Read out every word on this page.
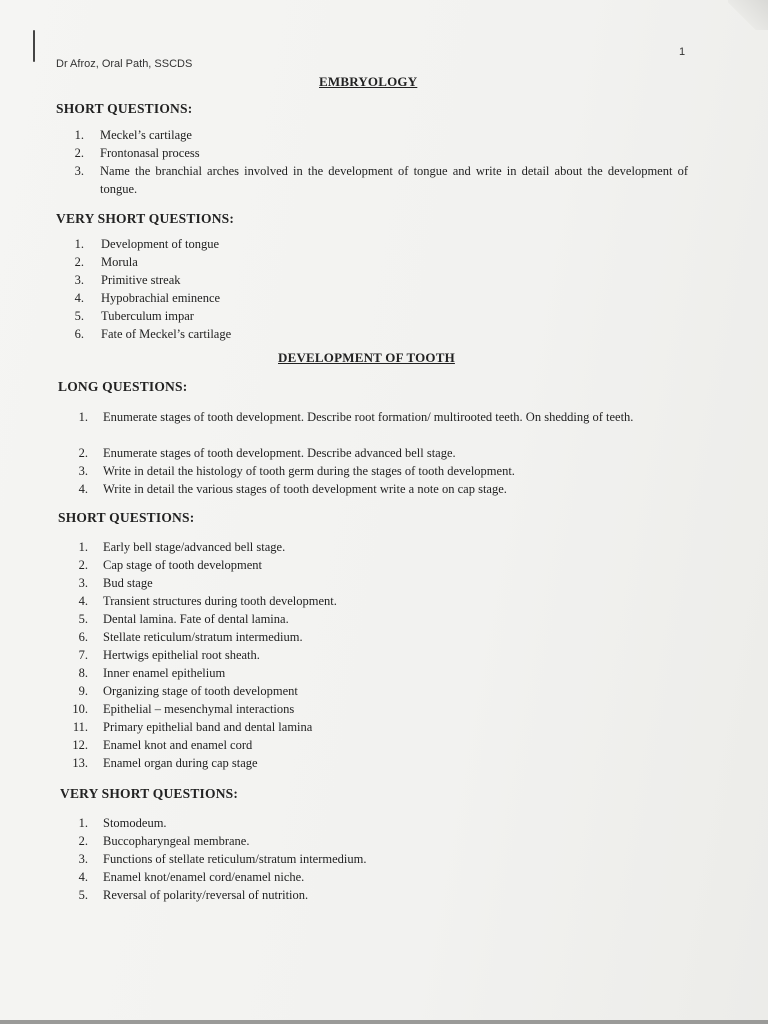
Dr Afroz, Oral Path, SSCDS
1
EMBRYOLOGY
SHORT QUESTIONS:
1. Meckel’s cartilage
2. Frontonasal process
3. Name the branchial arches involved in the development of tongue and write in detail about the development of tongue.
VERY SHORT QUESTIONS:
1. Development of tongue
2. Morula
3. Primitive streak
4. Hypobrachial eminence
5. Tuberculum impar
6. Fate of Meckel’s cartilage
DEVELOPMENT OF TOOTH
LONG QUESTIONS:
1. Enumerate stages of tooth development. Describe root formation/ multirooted teeth. On shedding of teeth.
2. Enumerate stages of tooth development. Describe advanced bell stage.
3. Write in detail the histology of tooth germ during the stages of tooth development.
4. Write in detail the various stages of tooth development write a note on cap stage.
SHORT QUESTIONS:
1. Early bell stage/advanced bell stage.
2. Cap stage of tooth development
3. Bud stage
4. Transient structures during tooth development.
5. Dental lamina. Fate of dental lamina.
6. Stellate reticulum/stratum intermedium.
7. Hertwigs epithelial root sheath.
8. Inner enamel epithelium
9. Organizing stage of tooth development
10. Epithelial – mesenchymal interactions
11. Primary epithelial band and dental lamina
12. Enamel knot and enamel cord
13. Enamel organ during cap stage
VERY SHORT QUESTIONS:
1. Stomodeum.
2. Buccopharyngeal membrane.
3. Functions of stellate reticulum/stratum intermedium.
4. Enamel knot/enamel cord/enamel niche.
5. Reversal of polarity/reversal of nutrition.
